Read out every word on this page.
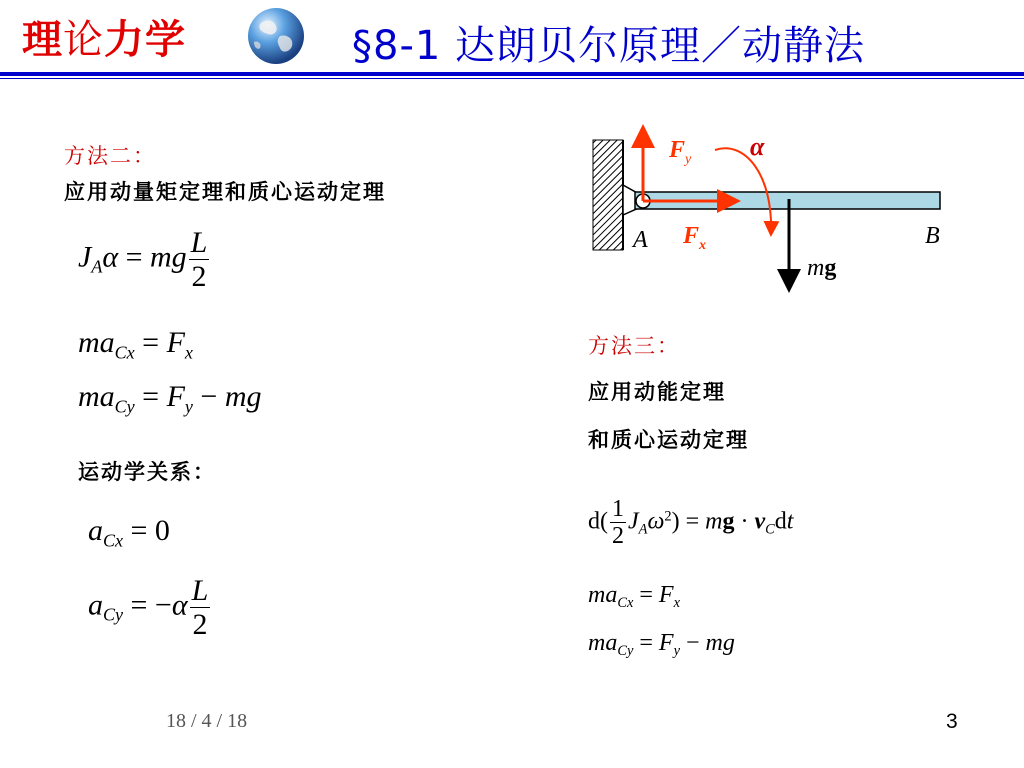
理论力学	§8-1 达朗贝尔原理／动静法
方法二：
应用动量矩定理和质心运动定理
$J_A\alpha$ = mg $\frac{L}{2}$
$ma_{Cx} = F_x$
$ma_{Cy} = F_y$ − mg
运动学关系：
$a_{Cx} = 0$
$a_{Cy} = -\alpha \frac{L}{2}$
$F_y$ α
$F_x$
A	B
mg
方法三：
应用动能定理
和质心运动定理
$d( \frac{1}{2} J_A\omega^2)$ = mg · $v_Cdt$
$ma_{Cx} = F_x$
$ma_{Cy} = F_y$ − mg
18 / 4 / 18	3
